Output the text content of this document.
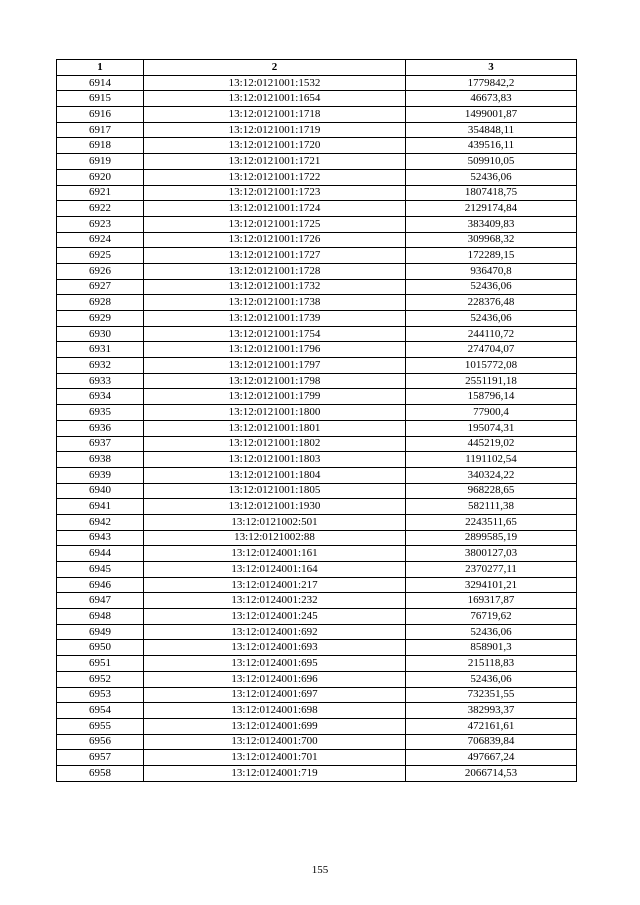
1	2	3
6914	13:12:0121001:1532	1779842,2
6915	13:12:0121001:1654	46673,83
6916	13:12:0121001:1718	1499001,87
6917	13:12:0121001:1719	354848,11
6918	13:12:0121001:1720	439516,11
6919	13:12:0121001:1721	509910,05
6920	13:12:0121001:1722	52436,06
6921	13:12:0121001:1723	1807418,75
6922	13:12:0121001:1724	2129174,84
6923	13:12:0121001:1725	383409,83
6924	13:12:0121001:1726	309968,32
6925	13:12:0121001:1727	172289,15
6926	13:12:0121001:1728	936470,8
6927	13:12:0121001:1732	52436,06
6928	13:12:0121001:1738	228376,48
6929	13:12:0121001:1739	52436,06
6930	13:12:0121001:1754	244110,72
6931	13:12:0121001:1796	274704,07
6932	13:12:0121001:1797	1015772,08
6933	13:12:0121001:1798	2551191,18
6934	13:12:0121001:1799	158796,14
6935	13:12:0121001:1800	77900,4
6936	13:12:0121001:1801	195074,31
6937	13:12:0121001:1802	445219,02
6938	13:12:0121001:1803	1191102,54
6939	13:12:0121001:1804	340324,22
6940	13:12:0121001:1805	968228,65
6941	13:12:0121001:1930	582111,38
6942	13:12:0121002:501	2243511,65
6943	13:12:0121002:88	2899585,19
6944	13:12:0124001:161	3800127,03
6945	13:12:0124001:164	2370277,11
6946	13:12:0124001:217	3294101,21
6947	13:12:0124001:232	169317,87
6948	13:12:0124001:245	76719,62
6949	13:12:0124001:692	52436,06
6950	13:12:0124001:693	858901,3
6951	13:12:0124001:695	215118,83
6952	13:12:0124001:696	52436,06
6953	13:12:0124001:697	732351,55
6954	13:12:0124001:698	382993,37
6955	13:12:0124001:699	472161,61
6956	13:12:0124001:700	706839,84
6957	13:12:0124001:701	497667,24
6958	13:12:0124001:719	2066714,53
155
